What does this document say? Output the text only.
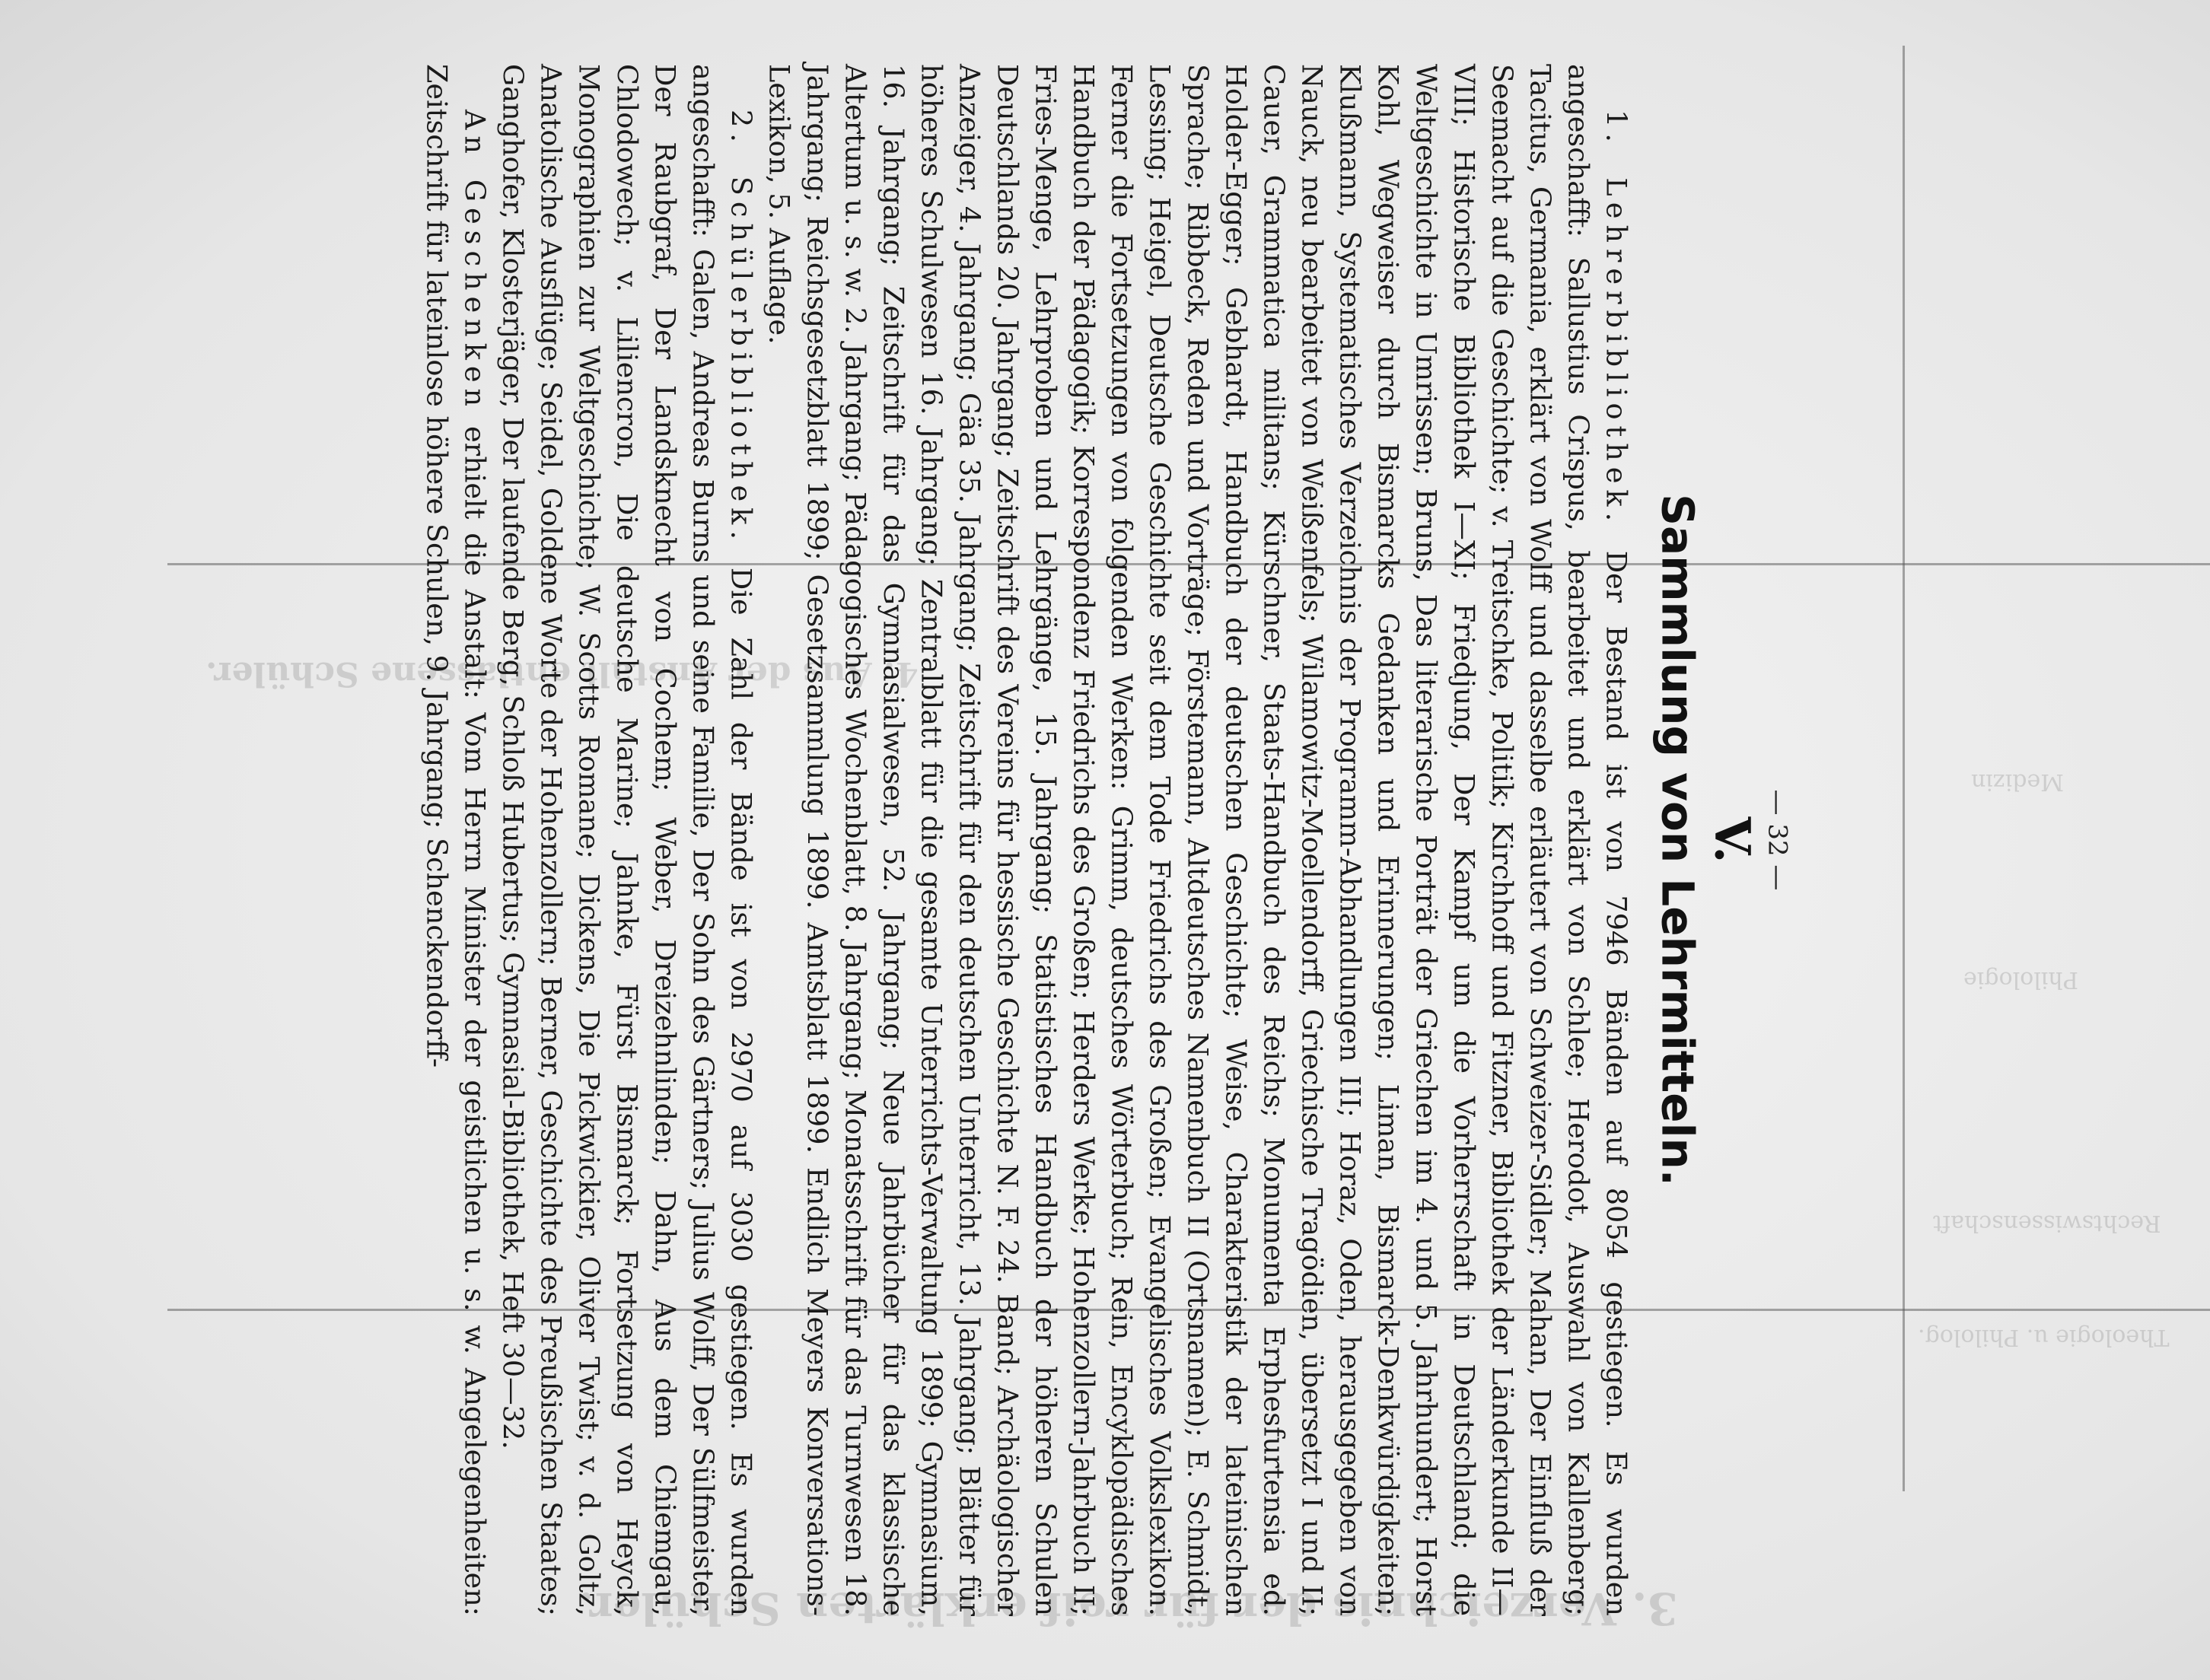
3. Verzeichnis der für reif erklärten Schüler.
4. Aus der Anstalt entlassene Schüler.
Theologie u. Philolog.
Rechtswissenschaft
Medizin
Philologie
— 32 —
V.
Sammlung von Lehrmitteln.

1. Lehrerbibliothek. Der Bestand ist von 7946 Bänden auf 8054 gestiegen. Es wurden angeschafft: Sallustius Crispus, bearbeitet und erklärt von Schlee; Herodot, Auswahl von Kallenberg; Tacitus, Germania, erklärt von Wolff und dasselbe erläutert von Schweizer-Sidler; Mahan, Der Einfluß der Seemacht auf die Geschichte; v. Treitschke, Politik; Kirchhoff und Fitzner, Bibliothek der Länderkunde II—VIII; Historische Bibliothek I—XI; Friedjung, Der Kampf um die Vorherrschaft in Deutschland; die Weltgeschichte in Umrissen; Bruns, Das literarische Porträt der Griechen im 4. und 5. Jahrhundert; Horst Kohl, Wegweiser durch Bismarcks Gedanken und Erinnerungen; Liman, Bismarck-Denkwürdigkeiten; Klußmann, Systematisches Verzeichnis der Programm-Abhandlungen III; Horaz, Oden, herausgegeben von Nauck, neu bearbeitet von Weißenfels; Wilamowitz-Moellendorff, Griechische Tragödien, übersetzt I und II; Cauer, Grammatica militans; Kürschner, Staats-Handbuch des Reichs; Monumenta Erphesfurtensia ed. Holder-Egger; Gebhardt, Handbuch der deutschen Geschichte; Weise, Charakteristik der lateinischen Sprache; Ribbeck, Reden und Vorträge; Förstemann, Altdeutsches Namenbuch II (Ortsnamen); E. Schmidt, Lessing; Heigel, Deutsche Geschichte seit dem Tode Friedrichs des Großen; Evangelisches Volkslexikon. Ferner die Fortsetzungen von folgenden Werken: Grimm, deutsches Wörterbuch; Rein, Encyklopädisches Handbuch der Pädagogik; Korrespondenz Friedrichs des Großen; Herders Werke; Hohenzollern-Jahrbuch II; Fries-Menge, Lehrproben und Lehrgänge, 15. Jahrgang; Statistisches Handbuch der höheren Schulen Deutschlands 20. Jahrgang; Zeitschrift des Vereins für hessische Geschichte N. F. 24. Band; Archäologischer Anzeiger, 4. Jahrgang; Gäa 35. Jahrgang; Zeitschrift für den deutschen Unterricht, 13. Jahrgang; Blätter für höheres Schulwesen 16. Jahrgang; Zentralblatt für die gesamte Unterrichts-Verwaltung 1899; Gymnasium, 16. Jahrgang; Zeitschrift für das Gymnasialwesen, 52. Jahrgang; Neue Jahrbücher für das klassische Altertum u. s. w. 2. Jahrgang; Pädagogisches Wochenblatt, 8. Jahrgang; Monatsschrift für das Turnwesen 18. Jahrgang; Reichsgesetzblatt 1899; Gesetzsammlung 1899. Amtsblatt 1899. Endlich Meyers Konversations-Lexikon, 5. Auflage.

2. Schülerbibliothek. Die Zahl der Bände ist von 2970 auf 3030 gestiegen. Es wurden angeschafft: Galen, Andreas Burns und seine Familie, Der Sohn des Gärtners; Julius Wolff, Der Sülfmeister, Der Raubgraf, Der Landsknecht von Cochem; Weber, Dreizehnlinden; Dahn, Aus dem Chiemgau, Chlodowech; v. Liliencron, Die deutsche Marine; Jahnke, Fürst Bismarck; Fortsetzung von Heyck, Monographien zur Weltgeschichte; W. Scotts Romane; Dickens, Die Pickwickier, Oliver Twist; v. d. Goltz, Anatolische Ausflüge; Seidel, Goldene Worte der Hohenzollern; Berner, Geschichte des Preußischen Staates; Ganghofer, Klosterjäger, Der laufende Berg, Schloß Hubertus; Gymnasial-Bibliothek, Heft 30—32.

An Geschenken erhielt die Anstalt: Vom Herrn Minister der geistlichen u. s. w. Angelegenheiten: Zeitschrift für lateinlose höhere Schulen, 9. Jahrgang; Schenckendorff-
